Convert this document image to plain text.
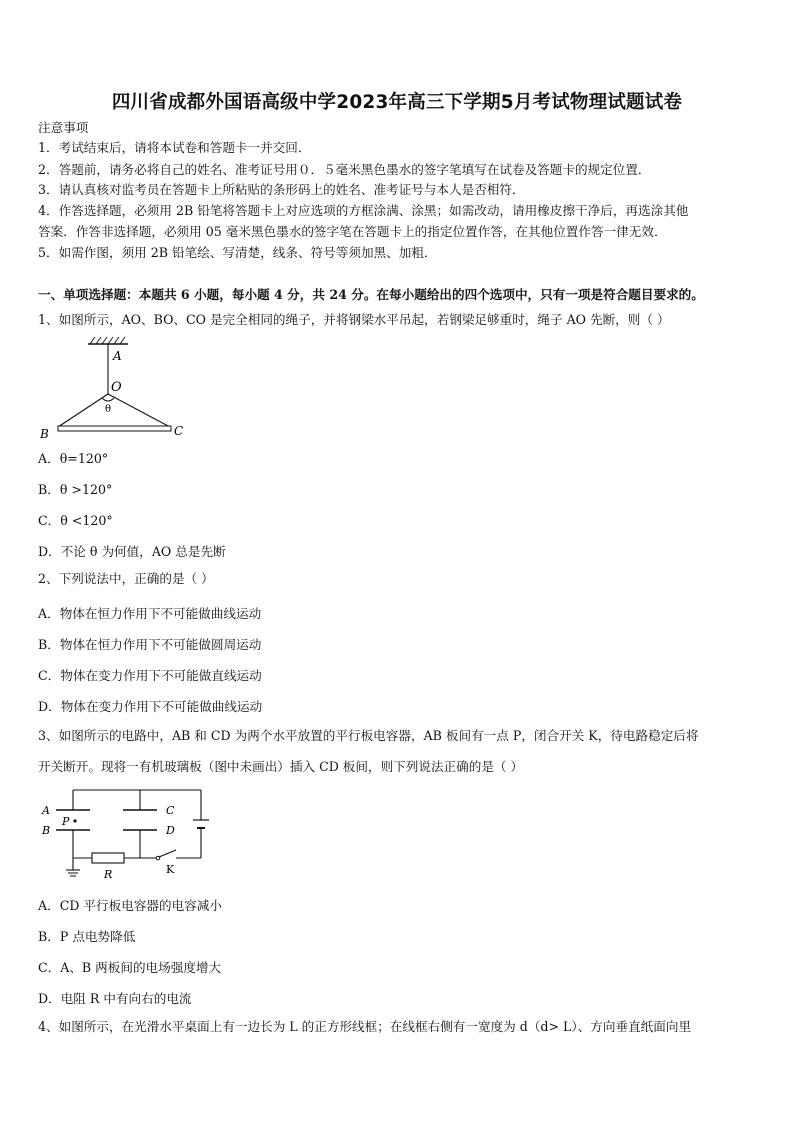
四川省成都外国语高级中学2023年高三下学期5月考试物理试题试卷
注意事项
1．考试结束后，请将本试卷和答题卡一并交回．
2．答题前，请务必将自己的姓名、准考证号用０．５毫米黑色墨水的签字笔填写在试卷及答题卡的规定位置．
3．请认真核对监考员在答题卡上所粘贴的条形码上的姓名、准考证号与本人是否相符．
4．作答选择题，必须用 2B 铅笔将答题卡上对应选项的方框涂满、涂黑；如需改动，请用橡皮擦干净后，再选涂其他
答案．作答非选择题，必须用 05 毫米黑色墨水的签字笔在答题卡上的指定位置作答，在其他位置作答一律无效．
5．如需作图，须用 2B 铅笔绘、写清楚，线条、符号等须加黑、加粗．
一、单项选择题：本题共 6 小题，每小题 4 分，共 24 分。在每小题给出的四个选项中，只有一项是符合题目要求的。
1、如图所示，AO、BO、CO 是完全相同的绳子，并将钢梁水平吊起，若钢梁足够重时，绳子 AO 先断，则（ ）
A
O
θ
B	C
A．θ=120°
B．θ >120°
C．θ <120°
D．不论 θ 为何值，AO 总是先断
2、下列说法中，正确的是（ ）
A．物体在恒力作用下不可能做曲线运动
B．物体在恒力作用下不可能做圆周运动
C．物体在变力作用下不可能做直线运动
D．物体在变力作用下不可能做曲线运动
3、如图所示的电路中，AB 和 CD 为两个水平放置的平行板电容器，AB 板间有一点 P，闭合开关 K，待电路稳定后将
开关断开。现将一有机玻璃板（图中未画出）插入 CD 板间，则下列说法正确的是（ ）
A
B
P
C
D
R	K
A．CD 平行板电容器的电容减小
B．P 点电势降低
C．A、B 两板间的电场强度增大
D．电阻 R 中有向右的电流
4、如图所示，在光滑水平桌面上有一边长为 L 的正方形线框；在线框右侧有一宽度为 d（d> L）、方向垂直纸面向里
